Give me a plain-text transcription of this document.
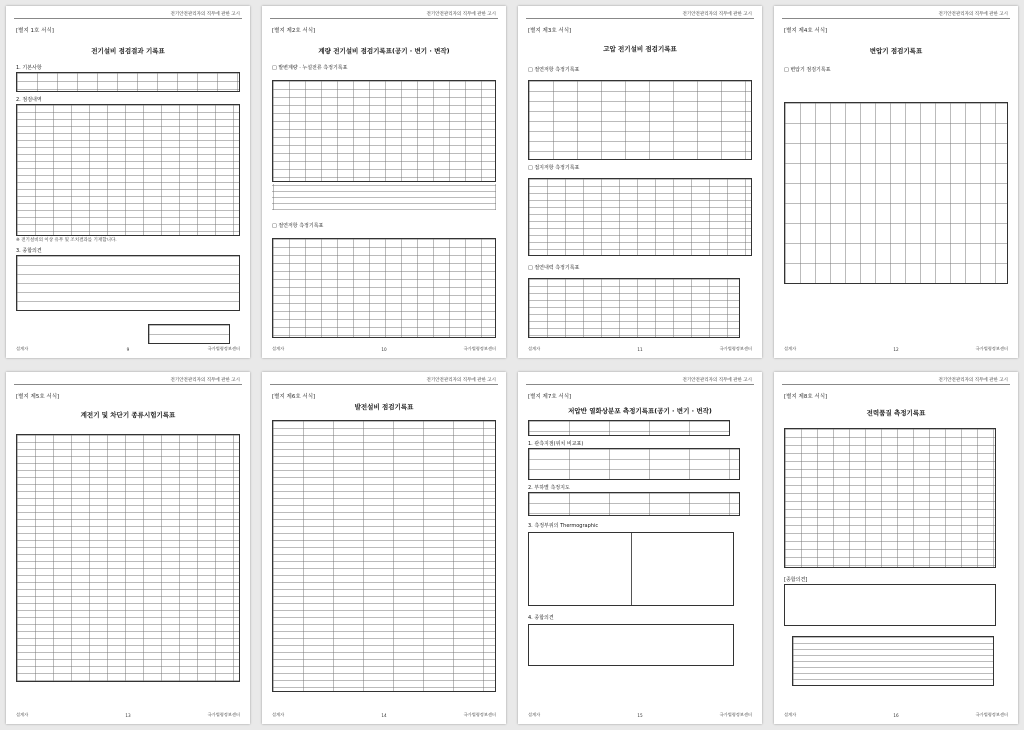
전기안전관리자의 직무에 관한 고시
[별지 1호 서식]
전기설비 점검결과 기록표
1. 기본사항
2. 점검내역
※ 전기설비의 이상 유무 및 조치결과를 기재합니다.
3. 종합의견
설계자	9	국가법령정보센터
전기안전관리자의 직무에 관한 고시
[별지 제2호 서식]
계량 전기설비 점검기록표(공기 · 변기 · 변작)
□ 발변계량 · 누설전류 측정기록표
□ 절연저항 측정기록표
설계자	10	국가법령정보센터
전기안전관리자의 직무에 관한 고시
[별지 제3호 서식]
고압 전기설비 점검기록표
□ 절연저항 측정기록표
□ 접지저항 측정기록표
□ 절연내력 측정기록표
설계자	11	국가법령정보센터
전기안전관리자의 직무에 관한 고시
[별지 제4호 서식]
변압기 점검기록표
□ 변압기 점검기록표
설계자	12	국가법령정보센터
전기안전관리자의 직무에 관한 고시
[별지 제5호 서식]
계전기 및 차단기 종류시험기록표
설계자	13	국가법령정보센터
전기안전관리자의 직무에 관한 고시
[별지 제6호 서식]
발전설비 점검기록표
설계자	14	국가법령정보센터
전기안전관리자의 직무에 관한 고시
[별지 제7호 서식]
저압반 열화상분포 측정기록표(공기 · 변기 · 변작)
1. 관측지점(위치 비교표)
2. 부하별 측정지도
3. 측정부위의 Thermographic
4. 종합의견
설계자	15	국가법령정보센터
전기안전관리자의 직무에 관한 고시
[별지 제8호 서식]
전력품질 측정기록표
[종합의견]
설계자	16	국가법령정보센터
